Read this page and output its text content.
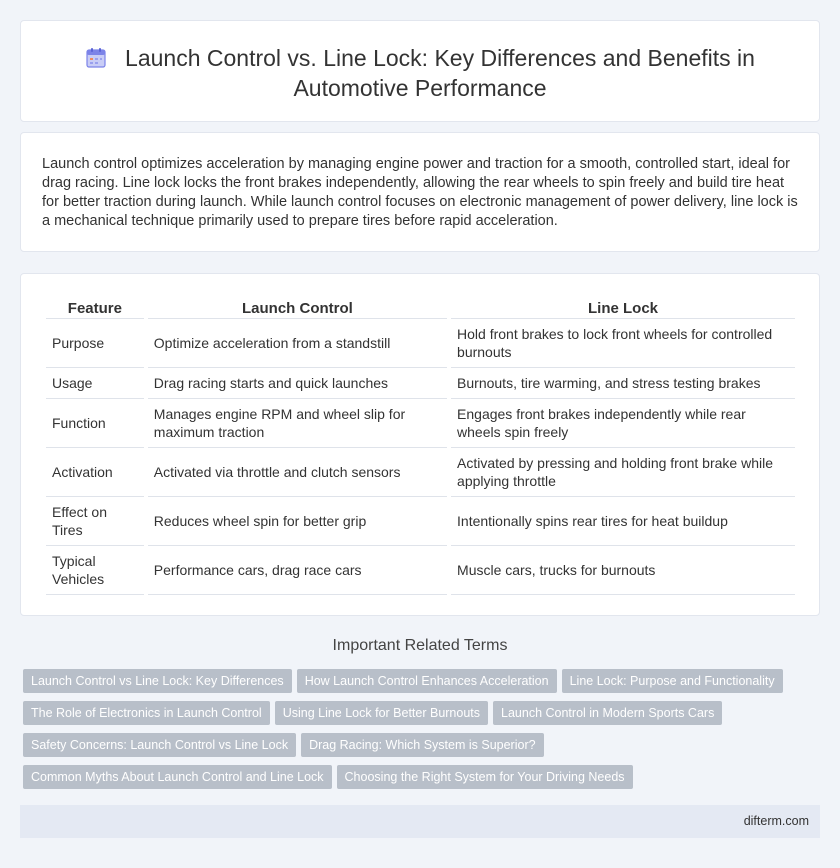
Launch Control vs. Line Lock: Key Differences and Benefits in Automotive Performance

Launch control optimizes acceleration by managing engine power and traction for a smooth, controlled start, ideal for drag racing. Line lock locks the front brakes independently, allowing the rear wheels to spin freely and build tire heat for better traction during launch. While launch control focuses on electronic management of power delivery, line lock is a mechanical technique primarily used to prepare tires before rapid acceleration.

Feature	Launch Control	Line Lock
Purpose	Optimize acceleration from a standstill	Hold front brakes to lock front wheels for controlled burnouts
Usage	Drag racing starts and quick launches	Burnouts, tire warming, and stress testing brakes
Function	Manages engine RPM and wheel slip for maximum traction	Engages front brakes independently while rear wheels spin freely
Activation	Activated via throttle and clutch sensors	Activated by pressing and holding front brake while applying throttle
Effect on Tires	Reduces wheel spin for better grip	Intentionally spins rear tires for heat buildup
Typical Vehicles	Performance cars, drag race cars	Muscle cars, trucks for burnouts
Important Related Terms
Launch Control vs Line Lock: Key Differences How Launch Control Enhances Acceleration Line Lock: Purpose and Functionality
The Role of Electronics in Launch Control Using Line Lock for Better Burnouts Launch Control in Modern Sports Cars
Safety Concerns: Launch Control vs Line Lock Drag Racing: Which System is Superior?
Common Myths About Launch Control and Line Lock Choosing the Right System for Your Driving Needs
difterm.com
